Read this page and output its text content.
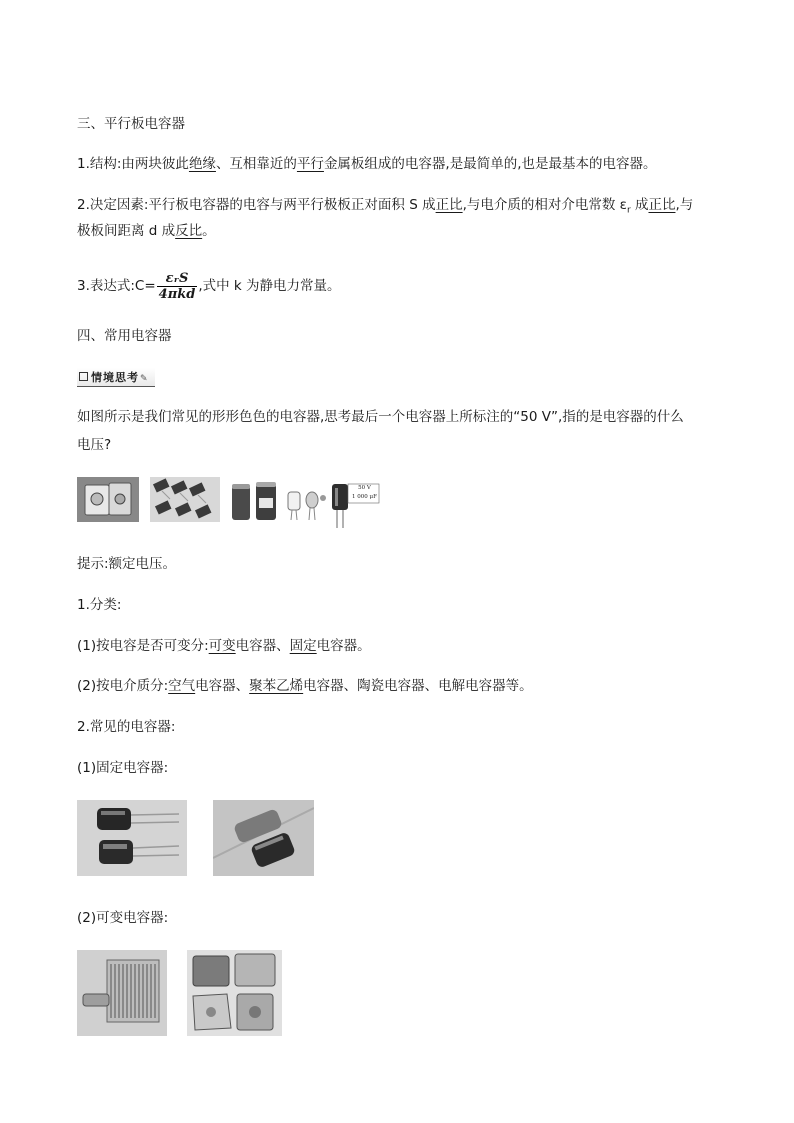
三、平行板电容器
1.结构:由两块彼此绝缘、互相靠近的平行金属板组成的电容器,是最简单的,也是最基本的电容器。
2.决定因素:平行板电容器的电容与两平行极板正对面积 S 成正比,与电介质的相对介电常数 $\varepsilon_r$ 成正比,与
极板间距离 d 成反比。
3.表达式:C= $\frac{\text{εᵣS}}{\text{4πkd}}$ ,式中 k 为静电力常量。
四、常用电容器
情境思考✎
如图所示是我们常见的形形色色的电容器,思考最后一个电容器上所标注的“50 V”,指的是电容器的什么
电压?
50 V
1 000 μF
提示:额定电压。
1.分类:
(1)按电容是否可变分:可变电容器、固定电容器。
(2)按电介质分:空气电容器、聚苯乙烯电容器、陶瓷电容器、电解电容器等。
2.常见的电容器:
(1)固定电容器:
(2)可变电容器:
